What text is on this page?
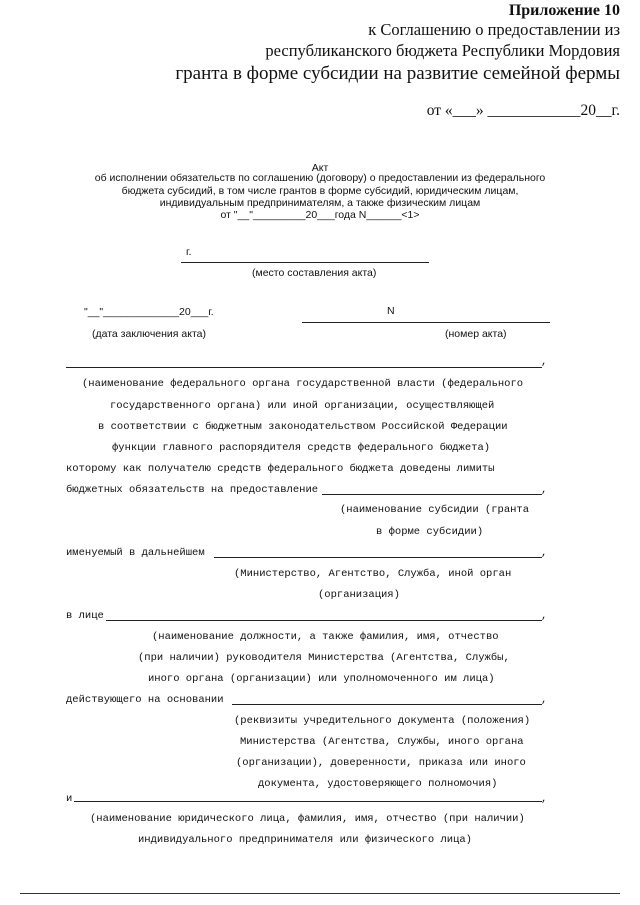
Приложение 10
к Соглашению о предоставлении из
республиканского бюджета Республики Мордовия
гранта в форме субсидии на развитие семейной фермы
от «___» ____________20__г.
Акт
об исполнении обязательств по соглашению (договору) о предоставлении из федерального
бюджета субсидий, в том числе грантов в форме субсидий, юридическим лицам,
индивидуальным предпринимателям, а также физическим лицам
от "__"_________20___года N______<1>
г.
(место составления акта)
"__"_____________20___г.
(дата заключения акта)
N
(номер акта)
,
(наименование федерального органа государственной власти (федерального
государственного органа) или иной организации, осуществляющей
в соответствии с бюджетным законодательством Российской Федерации
функции главного распорядителя средств федерального бюджета)
которому как получателю средств федерального бюджета доведены лимиты
бюджетных обязательств на предоставление	,
(наименование субсидии (гранта
в форме субсидии)
именуемый в дальнейшем	,
(Министерство, Агентство, Служба, иной орган
(организация)
в лице	,
(наименование должности, а также фамилия, имя, отчество
(при наличии) руководителя Министерства (Агентства, Службы,
иного органа (организации) или уполномоченного им лица)
действующего на основании	,
(реквизиты учредительного документа (положения)
Министерства (Агентства, Службы, иного органа
(организации), доверенности, приказа или иного
документа, удостоверяющего полномочия)
и	,
(наименование юридического лица, фамилия, имя, отчество (при наличии)
индивидуального предпринимателя или физического лица)
